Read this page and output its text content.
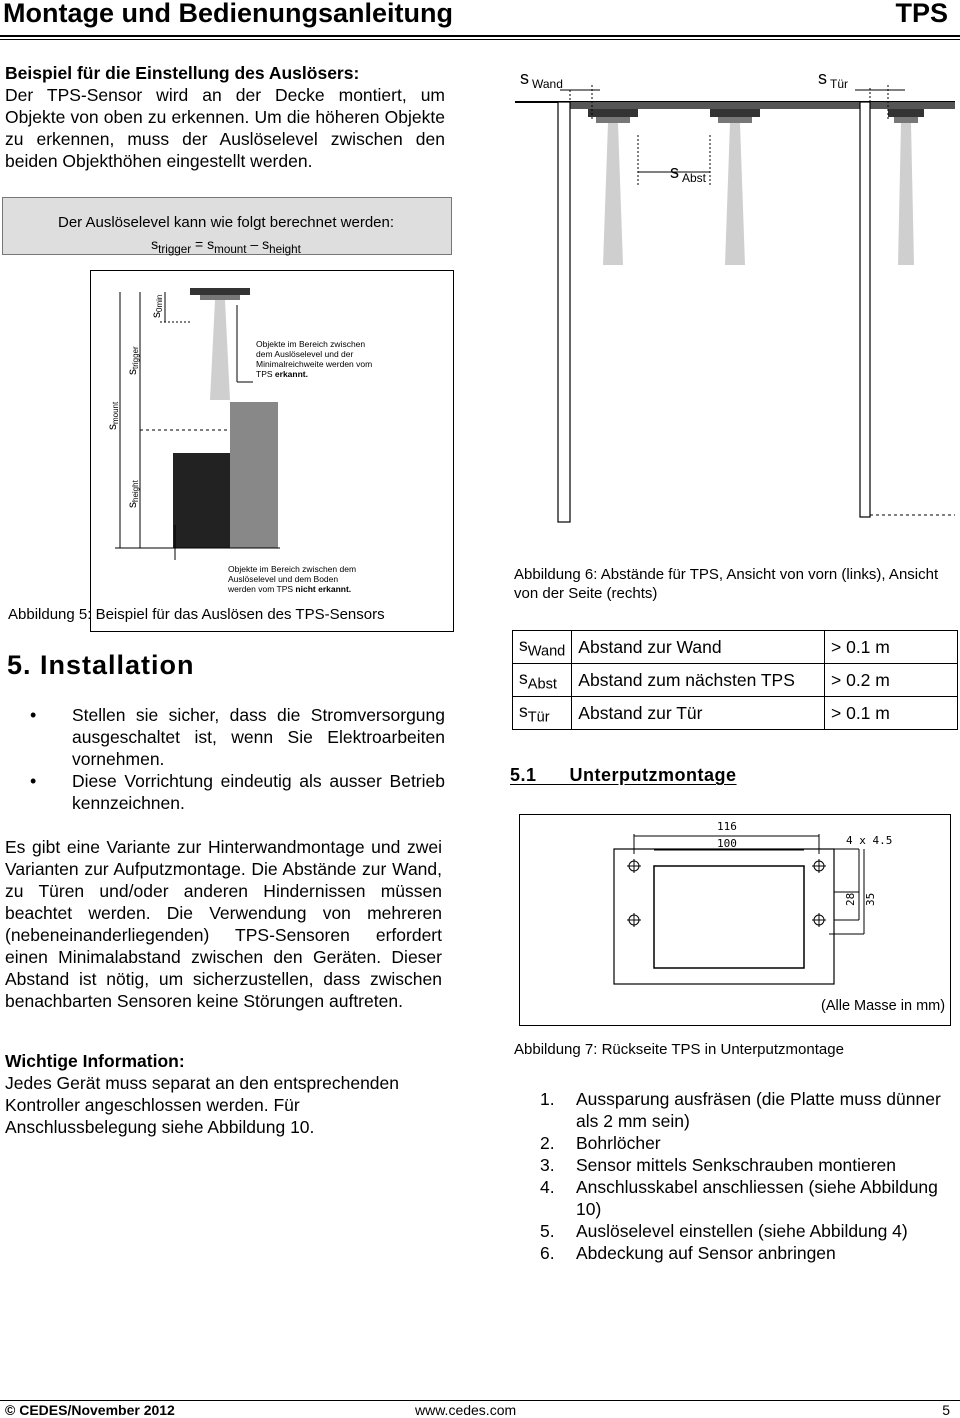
Montage und Bedienungsanleitung	TPS
Beispiel für die Einstellung des Auslösers:
Der TPS-Sensor wird an der Decke montiert, um Objekte von oben zu erkennen. Um die höheren Objekte zu erkennen, muss der Auslöselevel zwischen den beiden Objekthöhen eingestellt werden.
Der Auslöselevel kann wie folgt berechnet werden:
$s_{trigger} = s_{mount} - s_{height}$
s $_{Wand}$	s $_{Tür}$
s $_{Abst}$
Abbildung 6: Abstände für TPS, Ansicht von vorn (links), Ansicht von der Seite (rechts)
s0min
strigger
smount
sheight
Objekte im Bereich zwischen dem Auslöselevel und der Minimalreichweite werden vom TPS erkannt.
Objekte im Bereich zwischen dem Auslöselevel und dem Boden werden vom TPS nicht erkannt.
Abbildung 5: Beispiel für das Auslösen des TPS-Sensors
5. Installation
• Stellen sie sicher, dass die Stromversorgung ausgeschaltet ist, wenn Sie Elektroarbeiten vornehmen.
• Diese Vorrichtung eindeutig als ausser Betrieb kennzeichnen.
Es gibt eine Variante zur Hinterwandmontage und zwei Varianten zur Aufputzmontage. Die Abstände zur Wand, zu Türen und/oder anderen Hindernissen müssen beachtet werden. Die Verwendung von mehreren (nebeneinanderliegenden) TPS-Sensoren erfordert einen Minimalabstand zwischen den Geräten. Dieser Abstand ist nötig, um sicherzustellen, dass zwischen benachbarten Sensoren keine Störungen auftreten.
Wichtige Information:
Jedes Gerät muss separat an den entsprechenden Kontroller angeschlossen werden. Für Anschlussbelegung siehe Abbildung 10.
$s_{Wand}$	Abstand zur Wand	> 0.1 m
$s_{Abst}$	Abstand zum nächsten TPS	> 0.2 m
$s_{Tür}$	Abstand zur Tür	> 0.1 m
5.1 Unterputzmontage
116
100	4 x 4.5
28 35
(Alle Masse in mm)
Abbildung 7: Rückseite TPS in Unterputzmontage
1. Aussparung ausfräsen (die Platte muss dünner als 2 mm sein)
2. Bohrlöcher
3. Sensor mittels Senkschrauben montieren
4. Anschlusskabel anschliessen (siehe Abbildung 10)
5. Auslöselevel einstellen (siehe Abbildung 4)
6. Abdeckung auf Sensor anbringen
© CEDES/November 2012	www.cedes.com	5
